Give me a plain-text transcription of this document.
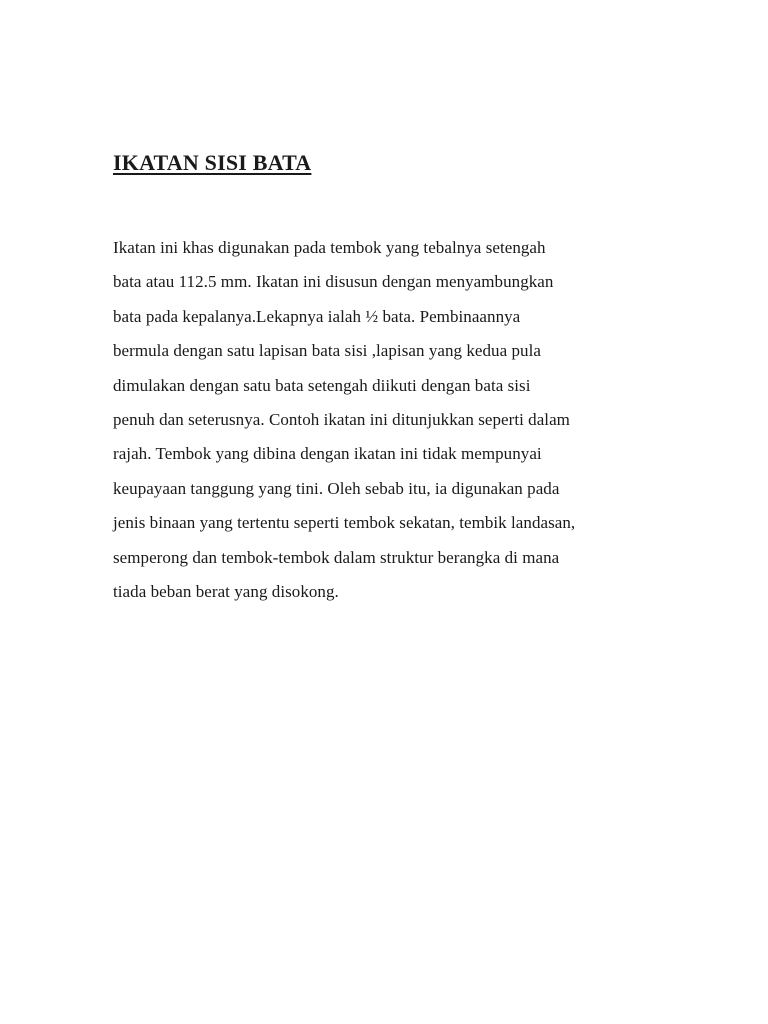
IKATAN SISI BATA
Ikatan ini khas digunakan pada tembok yang tebalnya setengah
bata atau 112.5 mm. Ikatan ini disusun dengan menyambungkan
bata pada kepalanya.Lekapnya ialah ½ bata. Pembinaannya
bermula dengan satu lapisan bata sisi ,lapisan yang kedua pula
dimulakan dengan satu bata setengah diikuti dengan bata sisi
penuh dan seterusnya. Contoh ikatan ini ditunjukkan seperti dalam
rajah. Tembok yang dibina dengan ikatan ini tidak mempunyai
keupayaan tanggung yang tini. Oleh sebab itu, ia digunakan pada
jenis binaan yang tertentu seperti tembok sekatan, tembik landasan,
semperong dan tembok-tembok dalam struktur berangka di mana
tiada beban berat yang disokong.
